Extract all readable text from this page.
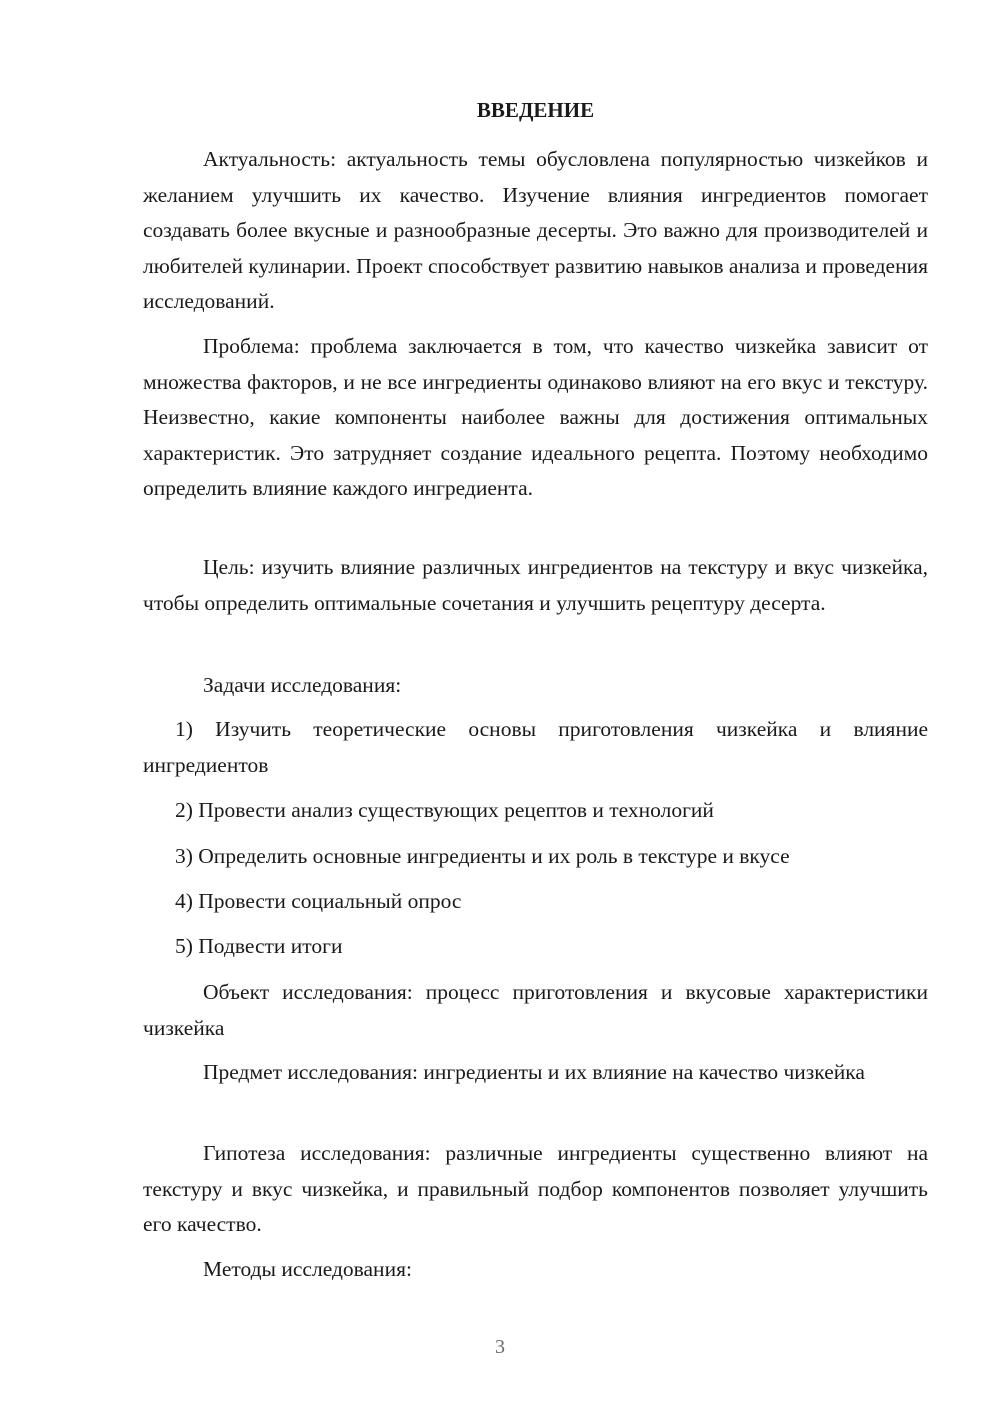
ВВЕДЕНИЕ

Актуальность: актуальность темы обусловлена популярностью чизкейков и желанием улучшить их качество. Изучение влияния ингредиентов помогает создавать более вкусные и разнообразные десерты. Это важно для производителей и любителей кулинарии. Проект способствует развитию навыков анализа и проведения исследований.

Проблема: проблема заключается в том, что качество чизкейка зависит от множества факторов, и не все ингредиенты одинаково влияют на его вкус и текстуру. Неизвестно, какие компоненты наиболее важны для достижения оптимальных характеристик. Это затрудняет создание идеального рецепта. Поэтому необходимо определить влияние каждого ингредиента.

Цель: изучить влияние различных ингредиентов на текстуру и вкус чизкейка, чтобы определить оптимальные сочетания и улучшить рецептуру десерта.

Задачи исследования:

1) Изучить теоретические основы приготовления чизкейка и влияние ингредиентов

2) Провести анализ существующих рецептов и технологий

3) Определить основные ингредиенты и их роль в текстуре и вкусе

4) Провести социальный опрос

5) Подвести итоги

Объект исследования: процесс приготовления и вкусовые характеристики чизкейка

Предмет исследования: ингредиенты и их влияние на качество чизкейка

Гипотеза исследования: различные ингредиенты существенно влияют на текстуру и вкус чизкейка, и правильный подбор компонентов позволяет улучшить его качество.

Методы исследования:

3
